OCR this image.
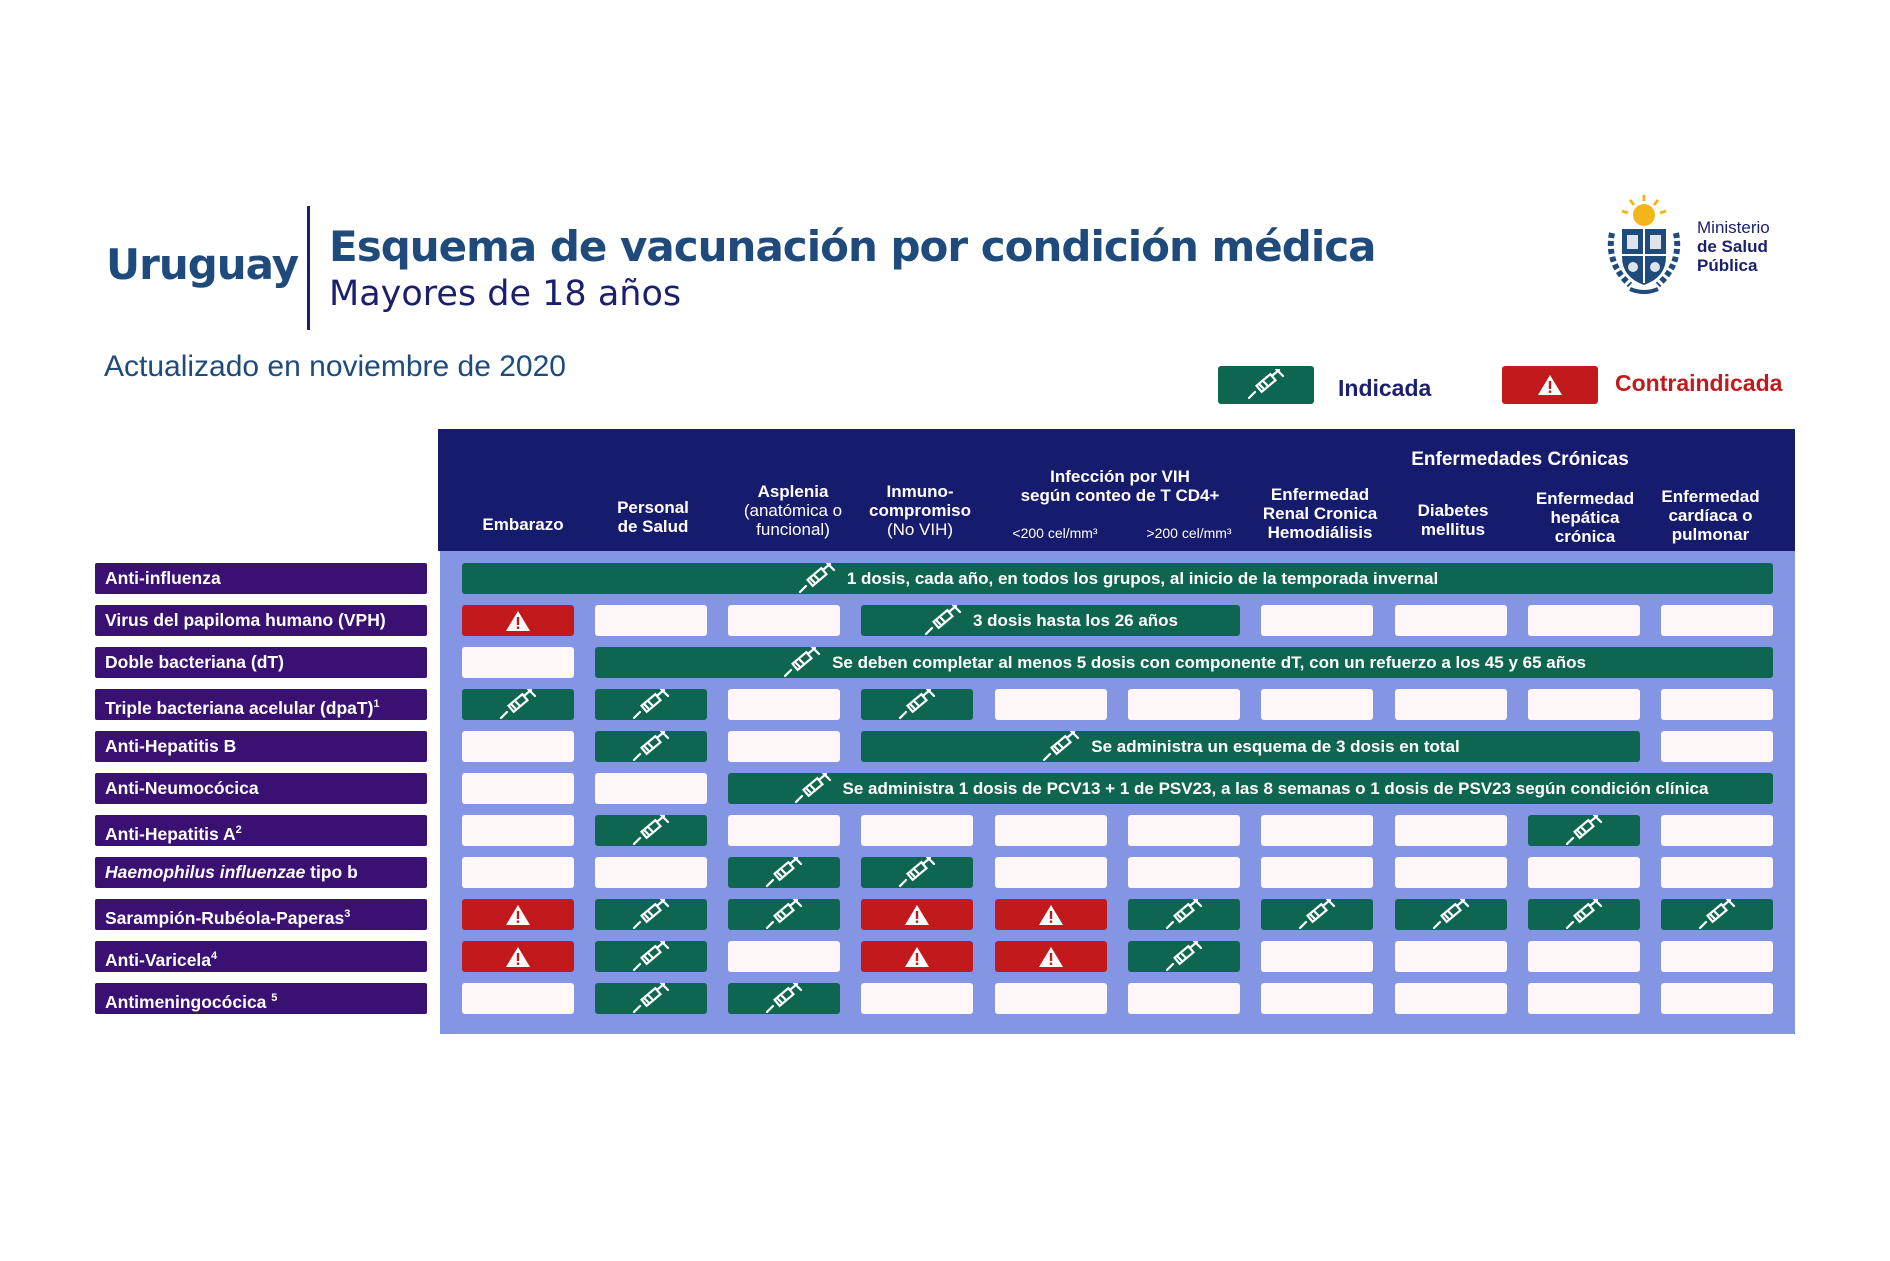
Uruguay Esquema de vacunación por condición médica
Mayores de 18 años
Actualizado en noviembre de 2020
Ministerio
de Salud
Pública
Indicada	Contraindicada
Embarazo
Personal
de Salud
Asplenia
(anatómica o
funcional)
Inmuno-
compromiso
(No VIH)
Infección por VIH
según conteo de T CD4+
<200 cel/mm³	>200 cel/mm³
Enfermedades Crónicas
Enfermedad
Renal Cronica
Hemodiálisis
Diabetes
mellitus
Enfermedad
hepática
crónica
Enfermedad
cardíaca o
pulmonar
Anti-influenza
Virus del papiloma humano (VPH)
Doble bacteriana (dT)
Triple bacteriana acelular (dpaT)$^1$
Anti-Hepatitis B
Anti-Neumocócica
Anti-Hepatitis $A^2$
Haemophilus influenzae tipo b
Sarampión-Rubéola-Paperas$^3$
Anti-Varicela$^4$
Antimeningocócica $^5$
1 dosis, cada año, en todos los grupos, al inicio de la temporada invernal
3 dosis hasta los 26 años
Se deben completar al menos 5 dosis con componente dT, con un refuerzo a los 45 y 65 años
Se administra un esquema de 3 dosis en total
Se administra 1 dosis de PCV13 + 1 de PSV23, a las 8 semanas o 1 dosis de PSV23 según condición clínica
